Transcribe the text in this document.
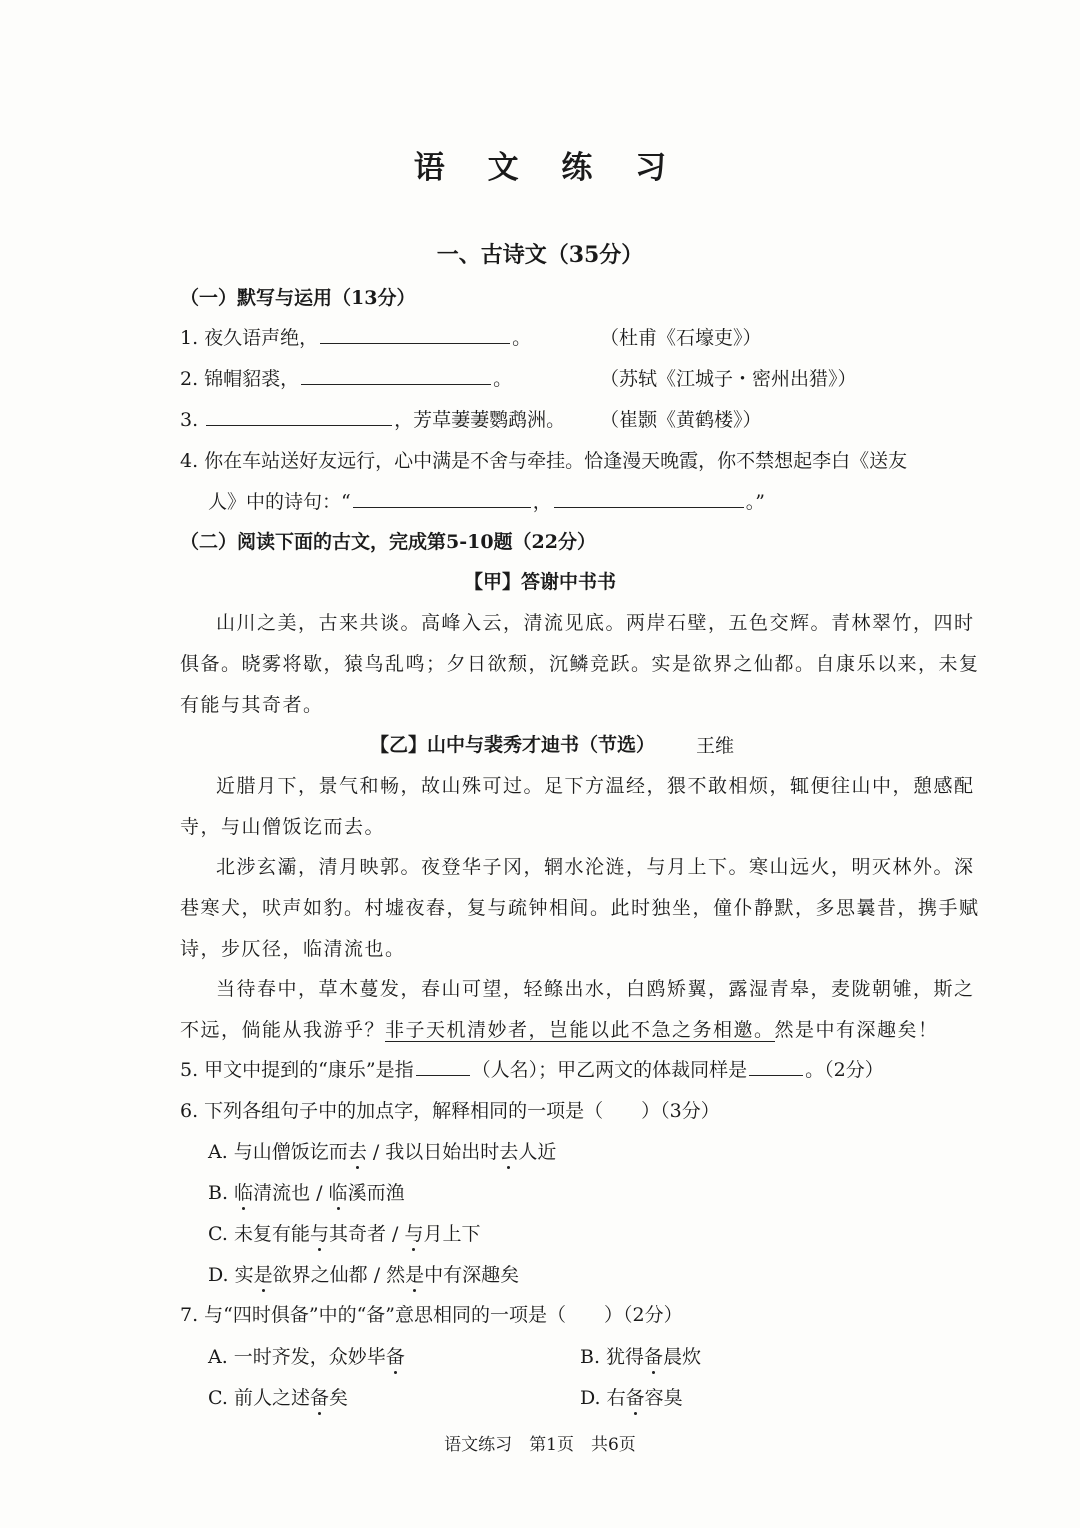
语 文 练 习
一、古诗文（35分）
（一）默写与运用（13分）
1. 夜久语声绝，	。	（杜甫《石壕吏》）
2. 锦帽貂裘，	。	（苏轼《江城子・密州出猎》）
3.	，芳草萋萋鹦鹉洲。 （崔颢《黄鹤楼》）
4. 你在车站送好友远行，心中满是不舍与牵挂。恰逢漫天晚霞，你不禁想起李白《送友
人》中的诗句：“	，	。”
（二）阅读下面的古文，完成第5-10题（22分）
【甲】答谢中书书
山川之美，古来共谈。高峰入云，清流见底。两岸石壁，五色交辉。青林翠竹，四时
俱备。晓雾将歇，猿鸟乱鸣；夕日欲颓，沉鳞竞跃。实是欲界之仙都。自康乐以来，未复
有能与其奇者。
【乙】山中与裴秀才迪书（节选） 王维
近腊月下，景气和畅，故山殊可过。足下方温经，猥不敢相烦，辄便往山中，憩感配
寺，与山僧饭讫而去。
北涉玄灞，清月映郭。夜登华子冈，辋水沦涟，与月上下。寒山远火，明灭林外。深
巷寒犬，吠声如豹。村墟夜舂，复与疏钟相间。此时独坐，僮仆静默，多思曩昔，携手赋
诗，步仄径，临清流也。
当待春中，草木蔓发，春山可望，轻鲦出水，白鸥矫翼，露湿青皋，麦陇朝雊，斯之
不远，倘能从我游乎？非子天机清妙者，岂能以此不急之务相邀。然是中有深趣矣！
5. 甲文中提到的“康乐”是指	（人名）；甲乙两文的体裁同样是	。（2分）
6. 下列各组句子中的加点字，解释相同的一项是（　　）（3分）
A. 与山僧饭讫而去 / 我以日始出时去人近
B. 临清流也 / 临溪而渔
C. 未复有能与其奇者 / 与月上下
D. 实是欲界之仙都 / 然是中有深趣矣
7. 与“四时俱备”中的“备”意思相同的一项是（　　）（2分）
A. 一时齐发，众妙毕备	B. 犹得备晨炊
C. 前人之述备矣	D. 右备容臭
语文练习　第1页　共6页
